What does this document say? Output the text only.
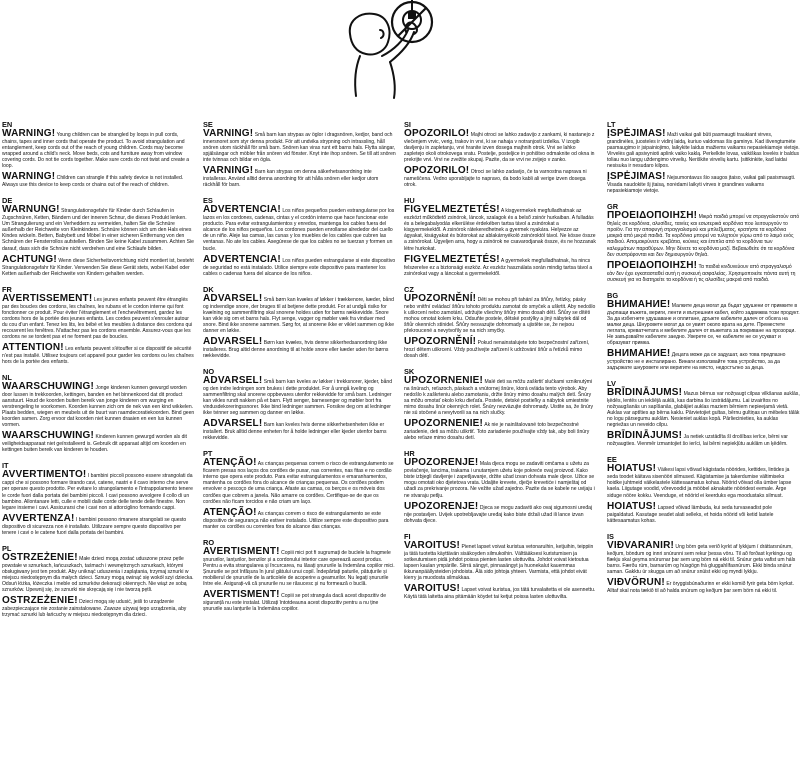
EN

WARNING! Young children can be strangled by loops in pull cords, chains, tapes and inner cords that operate the product. To avoid strangulation and entanglement, keep cords out of the reach of young children. Cords may become wrapped around a child's neck. Move beds, cots and furniture away from window covering cords. Do not tie cords together. Make sure cords do not twist and create a loop.

WARNING! Children can strangle if this safety device is not installed. Always use this device to keep cords or chains out of the reach of children.

DE

WARNUNG! Strangulationsgefahr für Kinder durch Schlaufen in Zugschnüren, Ketten, Bändern und der inneren Schnur, die dieses Produkt lenken. Um Strangulierung und ein Verheddern zu vermeiden, halten Sie die Schnüre außerhalb der Reichweite von Kleinkindern. Schnüre können sich um den Hals eines Kindes wickeln. Betten, Babybett und Möbel in einer sicheren Entfernung von den Schnüren der Fensterrollos aufstellen. Binden Sie keine Kabel zusammen. Achten Sie darauf, dass sich die Schnüre nicht verdrehen und eine Schlaufe bilden.

ACHTUNG! Wenn diese Sicherheitsvorrichtung nicht montiert ist, besteht Strangulationsgefahr für Kinder. Verwenden Sie diese Gerät stets, wobei Kabel oder Ketten außerhalb der Reichweite von Kindern gehalten werden.

FR

AVERTISSEMENT! Les jeunes enfants peuvent être étranglés par des boucles des cordons, les chaînes, les rubans et le cordon interne qui font fonctionner ce produit. Pour éviter l'étranglement et l'enchevêtrement, gardez les cordons hors de la portée des jeunes enfants. Les cordes peuvent s'enrouler autour du cou d'un enfant. Tenez les lits, les bébé et les meubles à distance des cordons qui recouvrent les fenêtres. N'attachez pas les cordons ensemble. Assurez-vous que les cordons ne se tordent pas et ne forment pas de boucles.

ATTENTION! Les enfants peuvent s'étouffer si ce dispositif de sécurité n'est pas installé. Utilisez toujours cet appareil pour garder les cordons ou les chaînes hors de la portée des enfants.

NL

WAARSCHUWING! Jonge kinderen kunnen gewurgd worden door lussen in trekkoorden, kettingen, banden en het binnenkoord dat dit product aanstuurt. Houd de koorden buiten bereik van jonge kinderen om wurging en verstrengeling te voorkomen. Koorden kunnen zich om de nek van een kind wikkelen. Plaats bedden, wiegen en meubels uit de buurt van raamdecoratiekoorden. Bind geen koorden samen. Zorg ervoor dat koorden niet kunnen draaien en een lus kunnen vormen.

WAARSCHUWING! Kinderen kunnen gewurgd worden als dit veiligheidsapparaat niet geïnstalleerd is. Gebruik dit apparaat altijd om koorden en kettingen buiten bereik van kinderen te houden.

IT

AVVERTIMENTO! I bambini piccoli possono essere strangolati da cappi che si possono formare tirando cavi, catene, nastri e il cavo interno che serve per operare questo prodotto. Per evitare lo strangolamento e l'intrappolamento tenere le corde fuori dalla portata dei bambini piccoli. I cavi possono avvolgere il collo di un bambino. Allontanare letti, culle e mobili dalle corde delle tende delle finestre. Non legare insieme i cavi. Assicurarsi che i cavi non si attorciglino formando cappi.

AVVERTENZA! I bambini possono rimanere strangolati se questo dispositivo di sicurezza non è installato. Utilizzare sempre questo dispositivo per tenere i cavi o le catene fuori dalla portata dei bambini.

PL

OSTRZEŻENIE! Małe dzieci mogą zostać uduszone przez pętle powstałe w sznurkach, łańcuszkach, taśmach i wewnętrznych sznurkach, którymi obsługiwany jest ten produkt. Aby uniknąć uduszenia i zaplątania, trzymaj sznurki w miejscu niedostępnym dla małych dzieci. Sznury mogą owinąć się wokół szyi dziecka. Odsuń łóżka, łóżeczka i meble od sznurków dekoracji okiennych. Nie wiąż ze sobą sznurków. Upewnij się, że sznurki nie skręcają się i nie tworzą pętli.

OSTRZEŻENIE! Dzieci mogą się udusić, jeśli to urządzenie zabezpieczające nie zostanie zainstalowane. Zawsze używaj tego urządzenia, aby trzymać sznurki lub łańcuchy w miejscu niedostępnym dla dzieci.

SE

VARNING! Små barn kan strypas av öglor i dragsnören, kedjor, band och innersnoret som styr denna produkt. För att undvika strypning och intrassling, håll snören utom räckhåll för små barn. Snören kan viras runt ett barns hals. Flytta sängar, spjälsängar och möbler från snören vid fönster. Knyt inte ihop snören. Se till att snören inte tvinnas och bildar en ögla.

VARNING! Barn kan strypas om denna säkerhetsanordning inte installeras. Använd alltid denna anordning för att hålla snören eller kedjor utom räckhåll för barn.

ES

ADVERTENCIA! Los niños pequeños pueden estrangularse por los lazos en los cordones, cadenas, cintas y el cordón interno que hace funcionar este producto. Para evitar estrangulamientos y enredos, mantenga los cables fuera del alcance de los niños pequeños. Los cordones pueden enrollarse alrededor del cuello de un niño. Aleje las camas, las cunas y los muebles de los cables que cubren las ventanas. No ate los cables. Asegúrese de que los cables no se tuerzan y formen un bucle.

ADVERTENCIA! Los niños pueden estrangularse si este dispositivo de seguridad no está instalado. Utilice siempre este dispositivo para mantener los cables o cadenas fuera del alcance de los niños.

DK

ADVARSEL! Små børn kan kvæles af løkker i trækkenore, kæder, bånd og indvendige snore, der bruges til at betjene dette produkt. For at undgå risiko for kvælning og sammenfiltring skal snorene holdes uden for børns rækkevidde. Snore kan vikle sig om et barns hals. Flyt senge, vugger og møbler væk fra vinduer med snore. Bind ikke snorene sammen. Sørg for, at snorene ikke er viklet sammen og ikke danner en løkke.

ADVARSEL! Børn kan kvæles, hvis denne sikkerhedsanordning ikke installeres. Brug altid denne anordning til at holde snore eller kæder uden for børns rækkevidde.

NO

ADVARSEL! Små barn kan kveles av løkker i trekksnorer, kjeder, bånd og den indre ledningen som brukes i dette produktet. For å unngå kveling og sammenfiltring skal snorene oppbevares utenfor rekkevidde for små barn. Ledninger kan vikles rundt nakken på et barn. Flytt senger, barnesenger og møbler bort fra vindusdekoreringssnorer. Ikke bind ledninger sammen. Forsikre deg om at ledninger ikke tvinner seg sammen og danner en løkke.

ADVARSEL! Barn kan kveles hvis denne sikkerhetsenheten ikke er installert. Bruk alltid denne enheten for å holde ledninger eller kjeder utenfor barns rekkevidde.

PT

ATENÇÃO! As crianças pequenas correm o risco de estrangulamento se ficarem presas nos laços dos cordões de puxar, nas correntes, nas fitas e no cordão interno que opera este produto. Para evitar estrangulamentos e emaranhamentos, mantenha os cordões fora do alcance de crianças pequenas. Os cordões podem envolver o pescoço de uma criança. Afaste as camas, os berços e os móveis dos cordões que cobrem a janela. Não amarre os cordões. Certifique-se de que os cordões não ficam torcidos e não criam um laço.

ATENÇÃO! As crianças correm o risco de estrangulamento se este dispositivo de segurança não estiver instalado. Utilize sempre este dispositivo para manter os cordões ou correntes fora do alcance das crianças.

RO

AVERTISMENT! Copiii mici pot fi sugrumați de buclele la fragmele șnururilor, lanțurilor, benzilor și a cordonului interior care operează acest produs. Pentru a evita strangularea și încurcarea, nu lăsați șnururile la îndemâna copiilor mici. Șnururile se pot înfășura în jurul gâtului unui copil. Îndepărtați paturile, pătuțurile și mobilierul de șnururile de la articolele de acoperire a geamurilor. Nu legați șnururile între ele. Asigurați-vă că șnururile nu se răsucesc și nu formează o buclă.

AVERTISMENT! Copiii se pot strangula dacă acest dispozitiv de siguranță nu este instalat. Utilizați întotdeauna acest dispozitiv pentru a nu ține șnururile sau lanțurile la îndemâna copiilor.

SI

OPOZORILO! Majhi otroci se lahko zadavijo z zankami, ki nastanejo z vlečenjem vrvic, verig, trakov in vrvi, ki se nahaja v notranjosti izdelka. V izogib davljenju in zapletanju, vrvi hranite izven dosega majhnih otrok. Vrvi se lahko zapletejo okoli otrokovega vratu. Postelje, posteljice in pohištvo odmaknite od okna in prekrijte vrvi. Vrvi ne zvežite skupaj. Pazite, da se vrvi ne zvijejo v zanko.

OPOZORILO! Otroci se lahko zadavijo, če ta varnostna naprava ni nameščena. Vedno uporabljajte to napravo, da bodo kabli ali verige izven dosega otrok.

HU

FIGYELMEZTETÉS! A kisgyermekek megfulladhatnak az eszközt működtető zsinórok, láncok, szalagok és a belső zsinór hurkaiban. A fulladás és a belegabalyodás elkerülése érdekében tartsa távol a zsinórokat a kisgyermekektől. A zsinórok rátekeredhetnek a gyermek nyakára. Helyezze az ágyakat, kiságyakat és bútorokat az ablakárnyékoló zsinóroktól távol. Ne kösse össze a zsinórokat. Ügyeljen arra, hogy a zsinórok ne csavarodjanak össze, és ne hozzanak létre hurkokat.

FIGYELMEZTETÉS! A gyermekek megfulladhatnak, ha nincs felszerelve ez a biztonsági eszköz. Az eszköz használata során mindig tartsa távol a zsinórokat vagy a láncokat a gyermekektől.

CZ

UPOZORNĚNÍ! Děti se mohou při tahání za šňůry, řetízky, pásky nebo vnitřní ovládací šňůru tohoto produktu zamotat do smyček a uškrtit. Aby nedošlo k uškrcení nebo zamotání, udržujte všechny šňůry mimo dosah dětí. Šňůry se dítěti mohou omotat kolem krku. Odsuňte postele, dětské postýlky a jiný nábytek dál od šňůr okenních stínidel. Šňůry nesvazujte dohromady a ujistěte se, že nejsou překroucené a nevytvořily se na nich smyčky.

UPOZORNĚNÍ! Pokud nenainstalujete toto bezpečnostní zařízení, hrozí dětem uškrcení. Vždy používejte zařízení k udržování šňůr a řetízků mimo dosah dětí.

SK

UPOZORNENIE! Malé deti sa môžu zaškrtiť slučkami vzniknutými na šnúrach, reťazoch, páskach a vnútornej šnúre, ktorá ovláda tento výrobok. Aby nedošlo k zaškrteniu alebo zamotaniu, držte šnúry mimo dosahu malých detí. Šnúry sa môžu omotať okolo krku dieťaťa. Postele, detské postieľky a nábytok umiestnite mimo dosahu šnúr okenných rolet. Šnúry nezväzujte dohromady. Uistite sa, že šnúry nie sú stočené a nevytvorili sa na nich slučky.

UPOZORNENIE! Ak nie je nainštalované toto bezpečnostné zariadenie, deti sa môžu uškrtiť. Toto zariadenie používajte vždy tak, aby boli šnúry alebo reťaze mimo dosahu detí.

HR

UPOZORENJE! Mala djeca mogu se zadaviti omčama u užetu za povlačenje, lancima, trakama i unutarnjem užetu koje pokreće ovaj proizvod. Kako biste izbjegli davljenje i zapetljavanje, držite užad izvan dohvata male djece. Užice se mogu omotati oko djetetova vrata. Udaljite krevete, dječje krevetiće i namještaj od užadi za prekrivanje prozora. Ne vežite užad zajedno. Pazite da se kabele ne uvijaju i ne stvaraju petlju.

UPOZORENJE! Djeca se mogu zadaviti ako ovaj sigurnosni uređaj nije postavljen. Uvijek upotrebljavajte uređaj kako biste držali užad ili lance izvan dohvata djece.

FI

VAROITUS! Pienet lapset voivat kuristua vetonaruihin, ketjuihin, teippiin ja tätä tuotetta käyttävän sisäkoyden silmukoihin. Välttääksesi kuristumisen ja sotkeutumisen pidä johdot poissa pienten lasten ulottuvilta. Johdot voivat kietoutua lapsen kaulan ympärille. Siirrä sängyt, pinnasängyt ja huonekalut kauemmas ikkunanpäällysteiden johdoista. Älä sido johtoja yhteen. Varmista, että johdot eivät kierry ja muodosta silmukkaa.

VAROITUS! Lapset voivat kuristua, jos tätä turvalaitetta ei ole asennettu. Käytä tätä laitetta aina pitämään köydet tai ketjut poissa lasten ulottuvilta.

LT

ĮSPĖJIMAS! Maži vaikai gali būti pasmaugti traukiant virves, grandinėles, juosteles ir vidinį laidą, kuriuo valdomas šis gaminys. Kad išvengtumėte pasmaugimo ir įsipainiojimo, laikykite laidus mažiems vaikams nepasiekiamoje vietoje. Virvelės gali apsivynioti aplink vaiko kaklą. Perkelkite lovas, vaikiškas lovelės ir baldus toliau nuo langų uždengimo virvelių. Neriškite virvelių kartu. Įsitikinkite, kad laidai nesisuka ir nesudaro kilpos.

ĮSPĖJIMAS! Neįsumontavus šio saugos įtaiso, vaikai gali pasismaugti. Visada naudokite šį įtaisą, norėdami laikyti virves ir grandines vaikams nepasiekiamoje vietoje.

GR

ΠΡΟΕΙΔΟΠΟΙΗΣΗ! Μικρά παιδιά μπορεί να στραγγαλιστούν από θηλιές σε κορδόνια, αλυσίδες, ταινίες και εσωτερικά κορδόνια που λειτουργούν το προϊόν. Για την αποφυγή στραγγαλισμού και μπλεξίματος, κρατήστε τα κορδόνια μακριά από μικρά παιδιά. Τα κορδόνια μπορεί να τυλιχτούν γύρω από το λαιμό ενός παιδιού. Απομακρύνετε κρεβάτια, κούνιες και έπιπλα από τα κορδόνια των καλυμμάτων παραθύρων. Μην δένετε τα κορδόνια μαζί. Βεβαιωθείτε ότι τα κορδόνια δεν συστρέφονται και δεν δημιουργούν θηλιά.

ΠΡΟΕΙΔΟΠΟΙΗΣΗ! Τα παιδιά κινδυνεύουν από στραγγαλισμό εάν δεν έχει εγκατασταθεί αυτή η συσκευή ασφαλείας. Χρησιμοποιείτε πάντα αυτή τη συσκευή για να διατηρείτε τα κορδόνια ή τις αλυσίδες μακριά από παιδιά.

BG

ВНИМАНИЕ! Малките деца могат да бъдат удушени от примките в дърпащи въжета, вериги, ленти и вътрешния кабел, който задвижва този продукт. За да избегнете удушаване и оплитане, дръжте кабелите далеч от обсега на малки деца. Шнуровете могат да се увият около врата на дете. Преместете леглата, креватчетата и мебелите далеч от въжетата за покриване на прозорци. Не завързвайте кабелите заедно. Уверете се, че кабелите не се усукват и образуват примка.

ВНИМАНИЕ! Децата може да се задушат, ако това предпазно устройство не е инсталирано. Винаги използвайте това устройство, за да задържате шнуровете или веригите на място, недостъпно за деца.

LV

BRĪDINĀJUMS! Mazus bērnus var nožņaugt cilpas vilkšanas auklās, ķēdēs, lentēs un iekšējā auklā, kas darbina šo izstrādājumu. Lai izvairītos no nožņaugšanās un sapīšanās, glabājiet auklas maziem bērniem nepieejamā vietā. Auklas var aptīties ap bērna kaklu. Pārvietojiet gultas, bērnu gultiņas un mēbeles tālāk no logu pārsegumu auklām. Nesieniet auklas kopā. Pārliecinieties, ka auklas negriežas un neveido cilpu.

BRĪDINĀJUMS! Ja netiek uzstādīta šī drošības ierīce, bērni var nožņaugties. Vienmēr izmantojiet šo ierīci, lai bērni nepiekļūtu auklām un ķēdēm.

EE

HOIATUS! Väikesi lapsi võivad kägistada nöörides, kettides, lintides ja seda toodet käitava sisenööri silmused. Kägistamise ja takerdumise vältimiseks hoidke juhtmeid väikelastele kättesaamatus kohas. Nöörid võivad olla ümber lapse kaela. Liigutage voodid, võrevoodid ja mööbel aknakatte nööridest eemale. Ärge siduge nööre kokku. Veenduge, et nöörid ei keerduks ega moodustaks silmust.

HOIATUS! Lapsed võivad lämbuda, kui seda turvaseadist pole paigaldatud. Kasutage seadet alati selleks, et hoida nöörid või ketid lastele kättesaamatus kohas.

IS

VIÐVARANIR! Ung börn geta verið kyrkt af lykkjum í dráttarsnúrum, keðjum, böndum og innri snúrunni sem rekur þessa vöru. Til að forðast kyrkingu og flækju skal geyma snúrurnar þar sem ung börn ná ekki til. Snúrur geta vafist um háls barns. Færðu rúm, barnarúm og húsgögn frá gluggahlífasnúrum. Ekki binda snúrur saman. Gakktu úr skugga um að snúrur snúist ekki og myndi lykkju.

VIÐVÖRUN! Er öryggisbúnaðurinn er ekki komið fyrir geta börn kyrkst. Alltaf skal nota tækið til að halda snúrum og keðjum þar sem börn ná ekki til.
